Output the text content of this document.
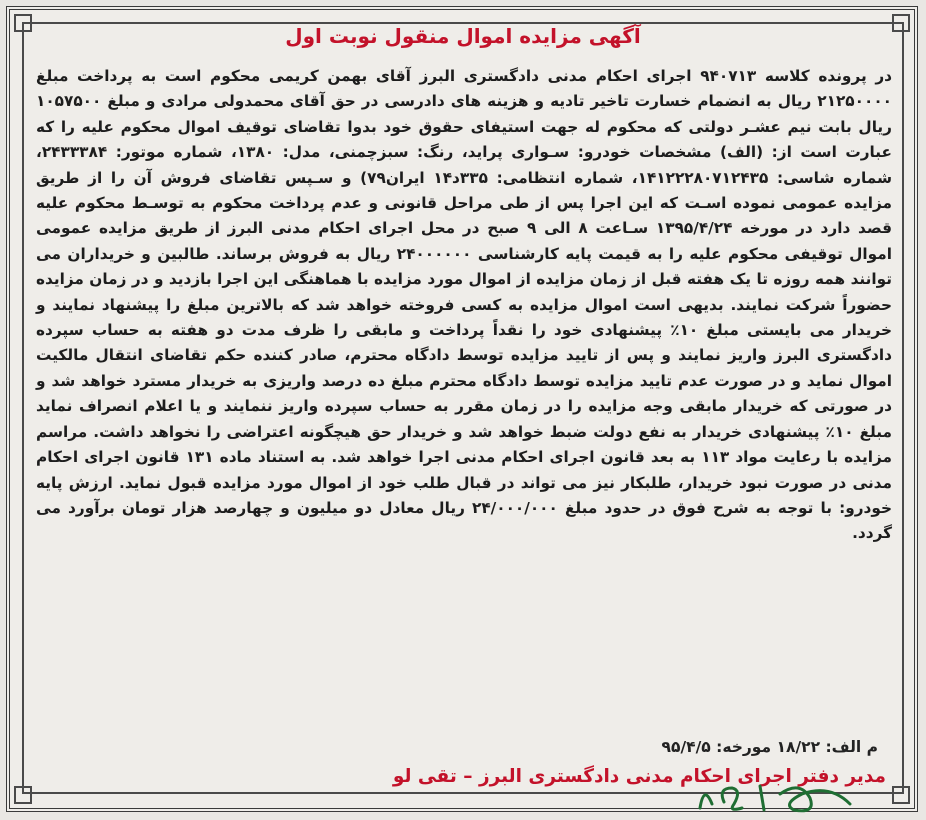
آگهی مزایده اموال منقول نوبت اول
در پرونده کلاسه ۹۴۰۷۱۳ اجرای احکام مدنی دادگستری البرز آقای بهمن کریمی محکوم است به پرداخت مبلغ ۲۱۲۵۰۰۰۰ ریال به انضمام خسارت تاخیر تادیه و هزینه های دادرسی در حق آقای محمدولی مرادی و مبلغ ۱۰۵۷۵۰۰ ریال بابت نیم عشـر دولتی که محکوم له جهت استیفای حقوق خود بدوا تقاضای توقیف اموال محکوم علیه را که عبارت است از: (الف) مشخصات خودرو: سـواری پراید، رنگ: سبزچمنی، مدل: ۱۳۸۰، شماره موتور: ۲۴۳۳۳۸۴، شماره شاسی: ۱۴۱۲۲۲۸۰۷۱۲۴۳۵، شماره انتظامی: ۳۳۵د۱۴ ایران۷۹) و سـپس تقاضای فروش آن را از طریق مزایده عمومی نموده اسـت که این اجرا پس از طی مراحل قانونی و عدم پرداخت محکوم به توسـط محکوم علیه قصد دارد در مورخه ۱۳۹۵/۴/۲۴ سـاعت ۸ الی ۹ صبح در محل اجرای احکام مدنی البرز از طریق مزایده عمومی اموال توقیفی محکوم علیه را به قیمت پایه کارشناسی ۲۴۰۰۰۰۰۰ ریال به فروش برساند. طالبین و خریداران می توانند همه روزه تا یک هفته قبل از زمان مزایده از اموال مورد مزایده با هماهنگی این اجرا بازدید و در زمان مزایده حضوراً شرکت نمایند. بدیهی است اموال مزایده به کسی فروخته خواهد شد که بالاترین مبلغ را پیشنهاد نمایند و خریدار می بایستی مبلغ ۱۰٪ پیشنهادی خود را نقداً پرداخت و مابقی را ظرف مدت دو هفته به حساب سپرده دادگستری البرز واریز نمایند و پس از تایید مزایده توسط دادگاه محترم، صادر کننده حکم تقاضای انتقال مالکیت اموال نماید و در صورت عدم تایید مزایده توسط دادگاه محترم مبلغ ده درصد واریزی به خریدار مسترد خواهد شد و در صورتی که خریدار مابقی وجه مزایده را در زمان مقرر به حساب سپرده واریز ننمایند و یا اعلام انصراف نماید مبلغ ۱۰٪ پیشنهادی خریدار به نفع دولت ضبط خواهد شد و خریدار حق هیچگونه اعتراضی را نخواهد داشت. مراسم مزایده با رعایت مواد ۱۱۳ به بعد قانون اجرای احکام مدنی اجرا خواهد شد. به استناد ماده ۱۳۱ قانون اجرای احکام مدنی در صورت نبود خریدار، طلبکار نیز می تواند در قبال طلب خود از اموال مورد مزایده قبول نماید. ارزش پایه خودرو: با توجه به شرح فوق در حدود مبلغ ۲۴/۰۰۰/۰۰۰ ریال معادل دو میلیون و چهارصد هزار تومان برآورد می گردد.
م الف: ۱۸/۲۲ مورخه: ۹۵/۴/۵
مدیر دفتر اجرای احکام مدنی دادگستری البرز – تقی لو
